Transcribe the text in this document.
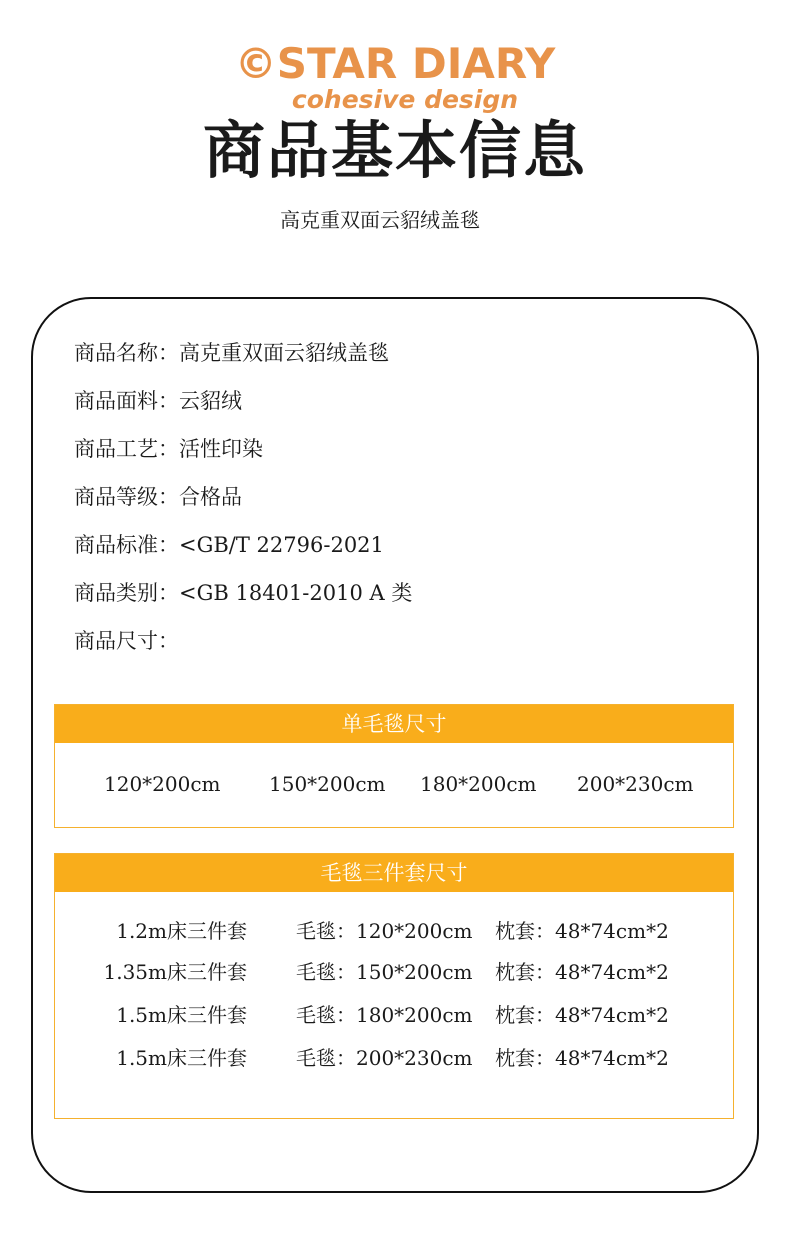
©STAR DIARY
cohesive design
商品基本信息
高克重双面云貂绒盖毯
商品名称：高克重双面云貂绒盖毯
商品面料：云貂绒
商品工艺：活性印染
商品等级：合格品
商品标准：<GB/T 22796-2021
商品类别：<GB 18401-2010 A 类
商品尺寸：
单毛毯尺寸
120*200cm 150*200cm 180*200cm 200*230cm
毛毯三件套尺寸
1.2m床三件套 毛毯：120*200cm 枕套：48*74cm*2
1.35m床三件套 毛毯：150*200cm 枕套：48*74cm*2
1.5m床三件套 毛毯：180*200cm 枕套：48*74cm*2
1.5m床三件套 毛毯：200*230cm 枕套：48*74cm*2
